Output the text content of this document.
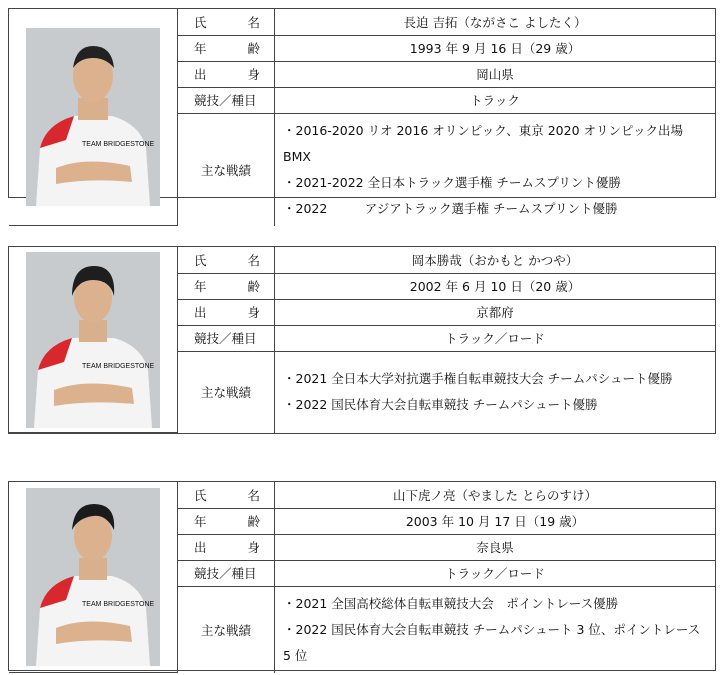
TEAM BRIDGESTONE	氏 名	長迫 吉拓（ながさこ よしたく）

	年 齢	1993 年 9 月 16 日（29 歳）

	出 身	岡山県

	競技／種目	トラック

	主な戦績	・2016-2020 リオ 2016 オリンピック、東京 2020 オリンピック出場 BMX
・2021-2022 全日本トラック選手権 チームスプリント優勝
・2022　　　アジアトラック選手権 チームスプリント優勝
TEAM BRIDGESTONE	氏 名	岡本勝哉（おかもと かつや）

	年 齢	2002 年 6 月 10 日（20 歳）

	出 身	京都府

	競技／種目	トラック／ロード

	主な戦績	・2021 全日本大学対抗選手権自転車競技大会 チームパシュート優勝
・2022 国民体育大会自転車競技 チームパシュート優勝
TEAM BRIDGESTONE	氏 名	山下虎ノ亮（やました とらのすけ）

	年 齢	2003 年 10 月 17 日（19 歳）

	出 身	奈良県

	競技／種目	トラック／ロード

	主な戦績	・2021 全国高校総体自転車競技大会　ポイントレース優勝
・2022 国民体育大会自転車競技 チームパシュート 3 位、ポイントレース 5 位
